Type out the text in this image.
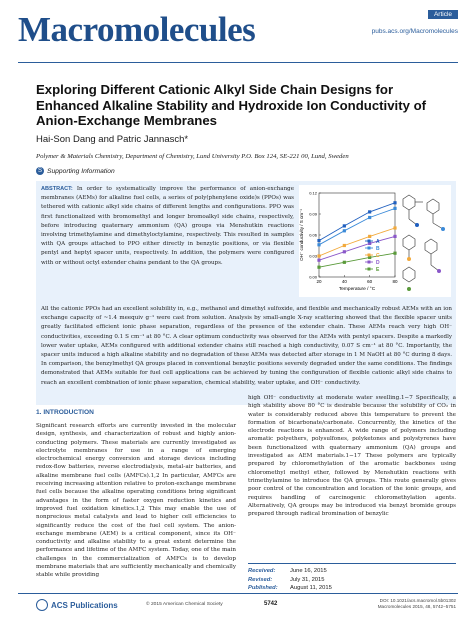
Macromolecules	Article
pubs.acs.org/Macromolecules
Exploring Different Cationic Alkyl Side Chain Designs for Enhanced Alkaline Stability and Hydroxide Ion Conductivity of Anion-Exchange Membranes
Hai-Son Dang and Patric Jannasch*
Polymer & Materials Chemistry, Department of Chemistry, Lund University P.O. Box 124, SE-221 00, Lund, Sweden
S Supporting Information
ABSTRACT: In order to systematically improve the performance of anion-exchange membranes (AEMs) for alkaline fuel cells, a series of poly(phenylene oxide)s (PPOs) was tethered with cationic alkyl side chains of different lengths and configurations. PPO was first functionalized with bromomethyl and longer bromoalkyl side chains, respectively, before introducing quaternary ammonium (QA) groups via Menshutkin reactions involving trimethylamine and dimethyloctylamine, respectively. This resulted in samples with QA groups attached to PPO either directly in benzylic positions, or via flexible pentyl and heptyl spacer units, respectively. In addition, the polymers were configured with or without octyl extender chains pendant to the QA groups.
20	40	60	80
0.00
0.03
0.06
0.09
0.12
Temperature / °C
OH⁻ conductivity / S cm⁻¹	A
B
C
D
E
All the cationic PPOs had an excellent solubility in, e.g., methanol and dimethyl sulfoxide, and flexible and mechanically robust AEMs with an ion exchange capacity of ~1.4 meequiv g⁻¹ were cast from solution. Analysis by small-angle X-ray scattering showed that the flexible spacer units greatly facilitated efficient ionic phase separation, regardless of the presence of the extender chain. These AEMs reach very high OH⁻ conductivities, exceeding 0.1 S cm⁻¹ at 80 °C. A clear optimum conductivity was observed for the AEMs with pentyl spacers. Despite a markedly lower water uptake, AEMs configured with additional extender chains still reached a high conductivity, 0.07 S cm⁻¹ at 80 °C. Importantly, the spacer units induced a high alkaline stability and no degradation of these AEMs was detected after storage in 1 M NaOH at 80 °C during 8 days. In comparison, the benzylmethyl QA groups placed in conventional benzylic positions severely degraded under the same conditions. The findings demonstrated that AEMs suitable for fuel cell applications can be achieved by tuning the configuration of flexible cationic alkyl side chains to reach an excellent combination of ionic phase separation, chemical stability, water uptake, and OH⁻ conductivity.
1. INTRODUCTION
Significant research efforts are currently invested in the molecular design, synthesis, and characterization of robust and highly anion-conducting polymers. These materials are currently investigated as electrolyte membranes for use in a range of emerging electrochemical energy conversion and storage devices including redox-flow batteries, reverse electrodialysis, metal-air batteries, and alkaline membrane fuel cells (AMFCs).1,2 In particular, AMFCs are receiving increasing attention relative to proton-exchange membrane fuel cells because the alkaline operating conditions bring significant advantages in the form of faster oxygen reduction kinetics and improved fuel oxidation kinetics.1,2 This may enable the use of nonprecious metal catalysts and lead to higher cell efficiencies to significantly reduce the cost of the fuel cell system. The anion-exchange membrane (AEM) is a critical component, since its OH⁻ conductivity and alkaline stability to a great extent determine the performance and lifetime of the AMFC system. Today, one of the main challenges in the commercialization of AMFCs is to develop membrane materials that are sufficiently mechanically and chemically stable while providing
high OH⁻ conductivity at moderate water swelling.1−7 Specifically, a high stability above 80 °C is desirable because the solubility of CO₂ in water is considerably reduced above this temperature to prevent the formation of bicarbonate/carbonate. Concurrently, the kinetics of the electrode reactions is enhanced. A wide range of polymers including aromatic polyethers, polysulfones, polyketones and polystyrenes have been functionalized with quaternary ammonium (QA) groups and investigated as AEM materials.1−17 These polymers are typically prepared by chloromethylation of the aromatic backbones using chloromethyl methyl ether, followed by Menshutkin reactions with trimethylamine to introduce the QA groups. This route generally gives poor control of the concentration and location of the ionic groups, and requires handling of carcinogenic chloromethylation agents. Alternatively, QA groups may be introduced via benzyl bromide groups prepared through radical bromination of benzylic
Received:	June 16, 2015
Revised:	July 31, 2015
Published: August 11, 2015
ACS Publications	© 2015 American Chemical Society	5742
DOI: 10.1021/acs.macromol.5b01302
Macromolecules 2015, 48, 5742−5751
